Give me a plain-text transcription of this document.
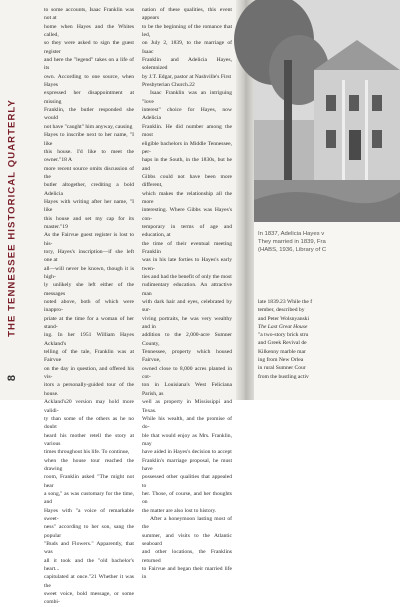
THE TENNESSEE HISTORICAL QUARTERLY
8

to some accounts, Isaac Franklin was not at

home when Hayes and the Whites called,

so they were asked to sign the guest register

and here the "legend" takes on a life of its

own. According to one source, when Hayes

expressed her disappointment at missing

Franklin, the butler responded she would

not have "caught" him anyway, causing

Hayes to inscribe next to her name, "I like

this house. I'd like to meet the owner."18 A

more recent source omits discussion of the

butler altogether, crediting a bold Adelicia

Hayes with writing after her name, "I like

this house and set my cap for its master."19

As the Fairvue guest register is lost to his-

tory, Hayes's inscription—if she left one at

all—will never be known, though it is high-

ly unlikely she left either of the messages

noted above, both of which were inappro-

priate at the time for a woman of her stand-

ing. In her 1951 William Hayes Ackland's

telling of the tale, Franklin was at Fairvue

on the day in question, and offered his vis-

itors a personally-guided tour of the house.

Ackland's20 version may hold more validi-

ty than some of the others as he no doubt

heard his mother retell the story at various

times throughout his life. To continue,

when the house tour reached the drawing

room, Franklin asked "The might not hear

a song," as was customary for the time, and

Hayes with "a voice of remarkable sweet-

ness" according to her son, sang the popular

"Buds and Flowers." Apparently, that was

all it took and the "old bachelor's heart...

capitulated at once."21 Whether it was the

sweet voice, bold message, or some combi-

nation of these qualities, this event appears

to be the beginning of the romance that led,

on July 2, 1839, to the marriage of Isaac

Franklin and Adelicia Hayes, solemnized

by J.T. Edgar, pastor at Nashville's First

Presbyterian Church.22

Isaac Franklin was an intriguing "love

interest" choice for Hayes, now Adelicia

Franklin. He did number among the most

eligible bachelors in Middle Tennessee, per-

haps in the South, in the 1830s, but he and

Gibbs could not have been more different,

which makes the relationship all the more

interesting. Where Gibbs was Hayes's con-

temporary in terms of age and education, at

the time of their eventual meeting Franklin

was in his late forties to Hayes's early twen-

ties and had the benefit of only the most

rudimentary education. An attractive man

with dark hair and eyes, celebrated by sur-

viving portraits, he was very wealthy and in

addition to the 2,000-acre Sumner County,

Tennessee, property which housed Fairvue,

owned close to 8,000 acres planted in cot-

ton in Louisiana's West Feliciana Parish, as

well as property in Mississippi and Texas.

While his wealth, and the promise of do-

ble that would enjoy as Mrs. Franklin, may

have aided in Hayes's decision to accept

Franklin's marriage proposal, he must have

possessed other qualities that appealed to

her. Those, of course, and her thoughts on

the matter are also lost to history.

After a honeymoon lasting most of the

summer, and visits to the Atlantic seaboard

and other locations, the Franklins returned

to Fairvue and began their married life in

In 1837, Adelicia Hayes v
They married in 1839, Fra
(HABS, 1936, Library of C
late 1839.23 While the f
tember, described by
and Peter Wolsnyanski
The Last Great House
"a two-story brick stru
and Greek Revival de
Kilkenny marble mar
ing from New Orlea
in rural Sumner Cour
from the bustling activ
